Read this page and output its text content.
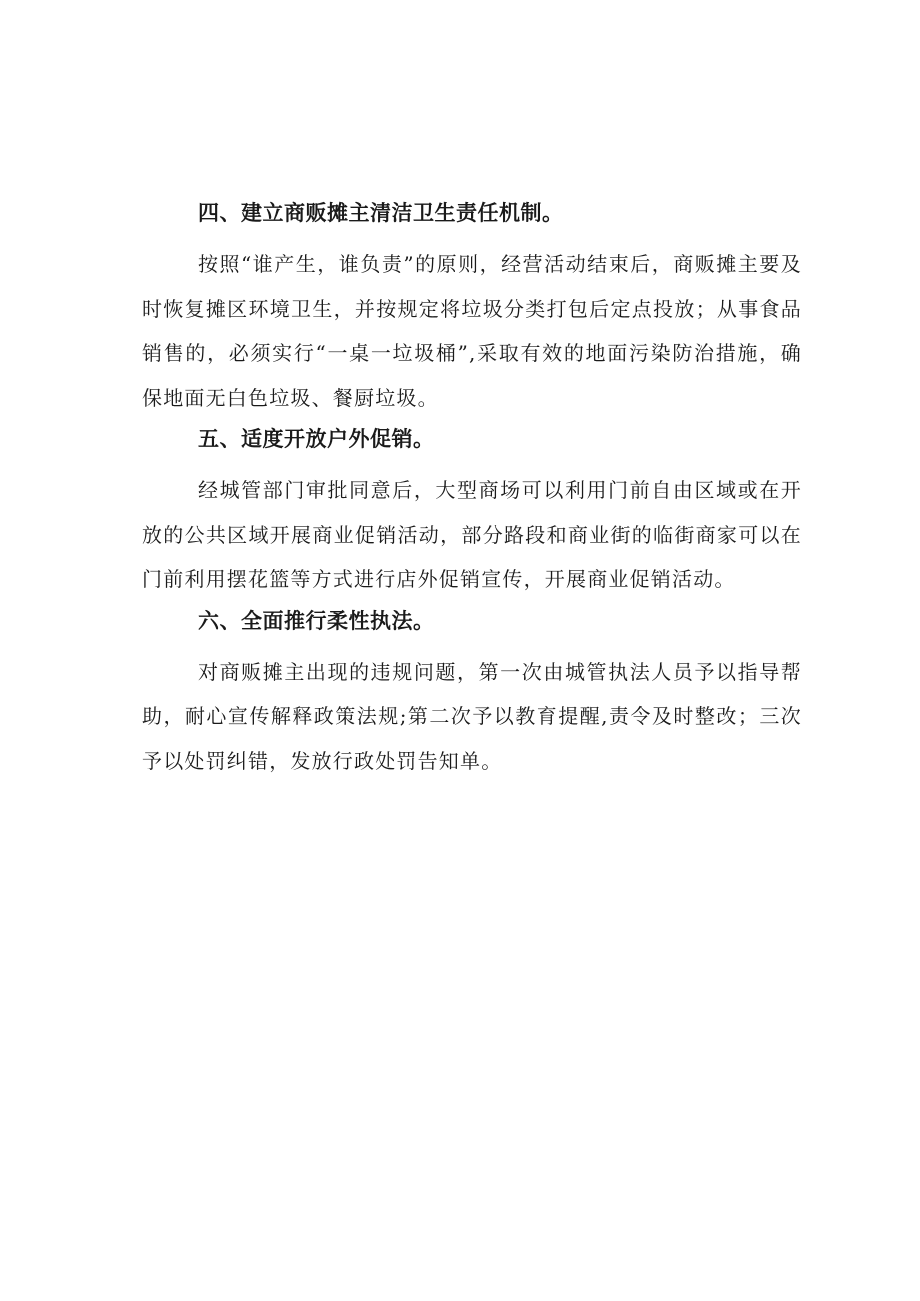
四、建立商贩摊主清洁卫生责任机制。

按照“谁产生，谁负责”的原则，经营活动结束后，商贩摊主要及时恢复摊区环境卫生，并按规定将垃圾分类打包后定点投放；从事食品销售的，必须实行“一桌一垃圾桶”,采取有效的地面污染防治措施，确保地面无白色垃圾、餐厨垃圾。

五、适度开放户外促销。

经城管部门审批同意后，大型商场可以利用门前自由区域或在开放的公共区域开展商业促销活动，部分路段和商业街的临街商家可以在门前利用摆花篮等方式进行店外促销宣传，开展商业促销活动。

六、全面推行柔性执法。

对商贩摊主出现的违规问题，第一次由城管执法人员予以指导帮助，耐心宣传解释政策法规;第二次予以教育提醒,责令及时整改；三次予以处罚纠错，发放行政处罚告知单。
